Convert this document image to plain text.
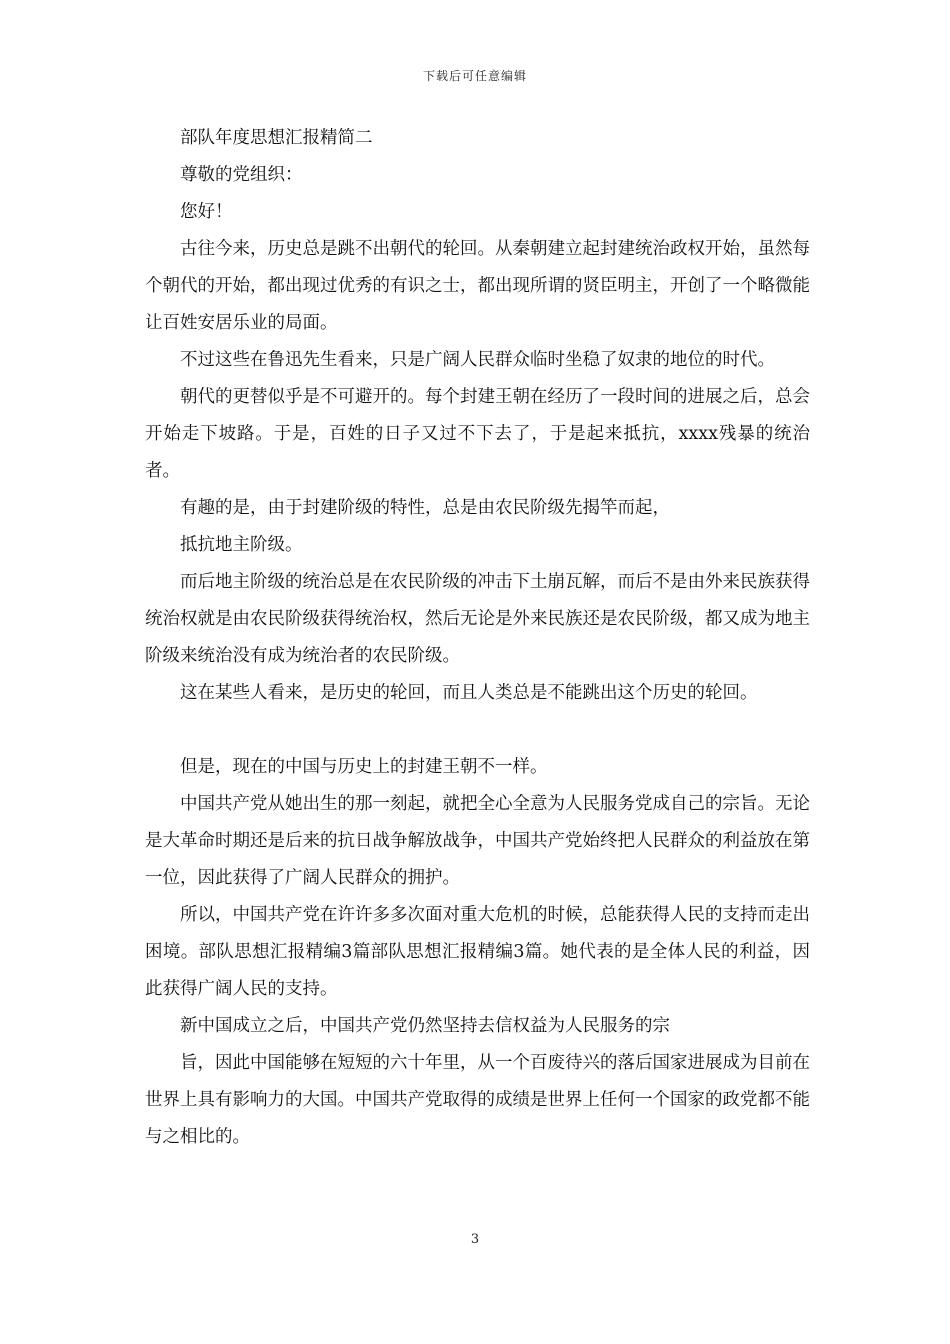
下载后可任意编辑

部队年度思想汇报精简二

尊敬的党组织：

您好！

古往今来，历史总是跳不出朝代的轮回。从秦朝建立起封建统治政权开始，虽然每个朝代的开始，都出现过优秀的有识之士，都出现所谓的贤臣明主，开创了一个略微能让百姓安居乐业的局面。

不过这些在鲁迅先生看来，只是广阔人民群众临时坐稳了奴隶的地位的时代。

朝代的更替似乎是不可避开的。每个封建王朝在经历了一段时间的进展之后，总会开始走下坡路。于是，百姓的日子又过不下去了，于是起来抵抗，xxxx残暴的统治者。

有趣的是，由于封建阶级的特性，总是由农民阶级先揭竿而起，

抵抗地主阶级。

而后地主阶级的统治总是在农民阶级的冲击下土崩瓦解，而后不是由外来民族获得统治权就是由农民阶级获得统治权，然后无论是外来民族还是农民阶级，都又成为地主阶级来统治没有成为统治者的农民阶级。

这在某些人看来，是历史的轮回，而且人类总是不能跳出这个历史的轮回。

但是，现在的中国与历史上的封建王朝不一样。

中国共产党从她出生的那一刻起，就把全心全意为人民服务党成自己的宗旨。无论是大革命时期还是后来的抗日战争解放战争，中国共产党始终把人民群众的利益放在第一位，因此获得了广阔人民群众的拥护。

所以，中国共产党在许许多多次面对重大危机的时候，总能获得人民的支持而走出困境。部队思想汇报精编3篇部队思想汇报精编3篇。她代表的是全体人民的利益，因此获得广阔人民的支持。

新中国成立之后，中国共产党仍然坚持去信权益为人民服务的宗

旨，因此中国能够在短短的六十年里，从一个百废待兴的落后国家进展成为目前在世界上具有影响力的大国。中国共产党取得的成绩是世界上任何一个国家的政党都不能与之相比的。

3
